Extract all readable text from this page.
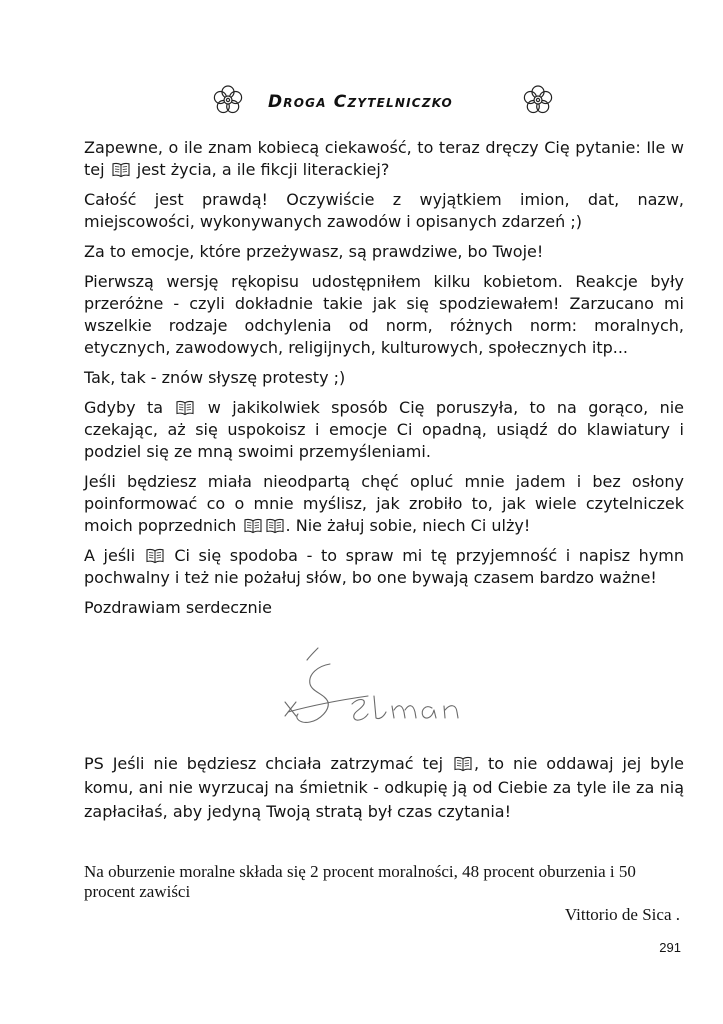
Droga Czytelniczko

Zapewne, o ile znam kobiecą ciekawość, to teraz dręczy Cię pytanie: Ile w tej jest życia, a ile fikcji literackiej?

Całość jest prawdą! Oczywiście z wyjątkiem imion, dat, nazw, miejscowości, wykonywanych zawodów i opisanych zdarzeń ;)

Za to emocje, które przeżywasz, są prawdziwe, bo Twoje!

Pierwszą wersję rękopisu udostępniłem kilku kobietom. Reakcje były przeróżne - czyli dokładnie takie jak się spodziewałem! Zarzucano mi wszelkie rodzaje odchylenia od norm, różnych norm: moralnych, etycznych, zawodowych, religijnych, kulturowych, społecznych itp...

Tak, tak - znów słyszę protesty ;)

Gdyby ta	w jakikolwiek sposób Cię poruszyła, to na gorąco, nie czekając, aż się uspokoisz i emocje Ci opadną, usiądź do klawiatury i podziel się ze mną swoimi przemyśleniami.

Jeśli będziesz miała nieodpartą chęć opluć mnie jadem i bez osłony poinformować co o mnie myślisz, jak zrobiło to, jak wiele czytelniczek moich poprzednich	. Nie żałuj sobie, niech Ci ulży!

A jeśli Ci się spodoba - to spraw mi tę przyjemność i napisz hymn pochwalny i też nie pożałuj słów, bo one bywają czasem bardzo ważne!

Pozdrawiam serdecznie

PS Jeśli nie będziesz chciała zatrzymać tej , to nie oddawaj jej byle komu, ani nie wyrzucaj na śmietnik - odkupię ją od Ciebie za tyle ile za nią zapłaciłaś, aby jedyną Twoją stratą był czas czytania!

Na oburzenie moralne składa się 2 procent moralności, 48 procent oburzenia i 50 procent zawiści

Vittorio de Sica .
291
